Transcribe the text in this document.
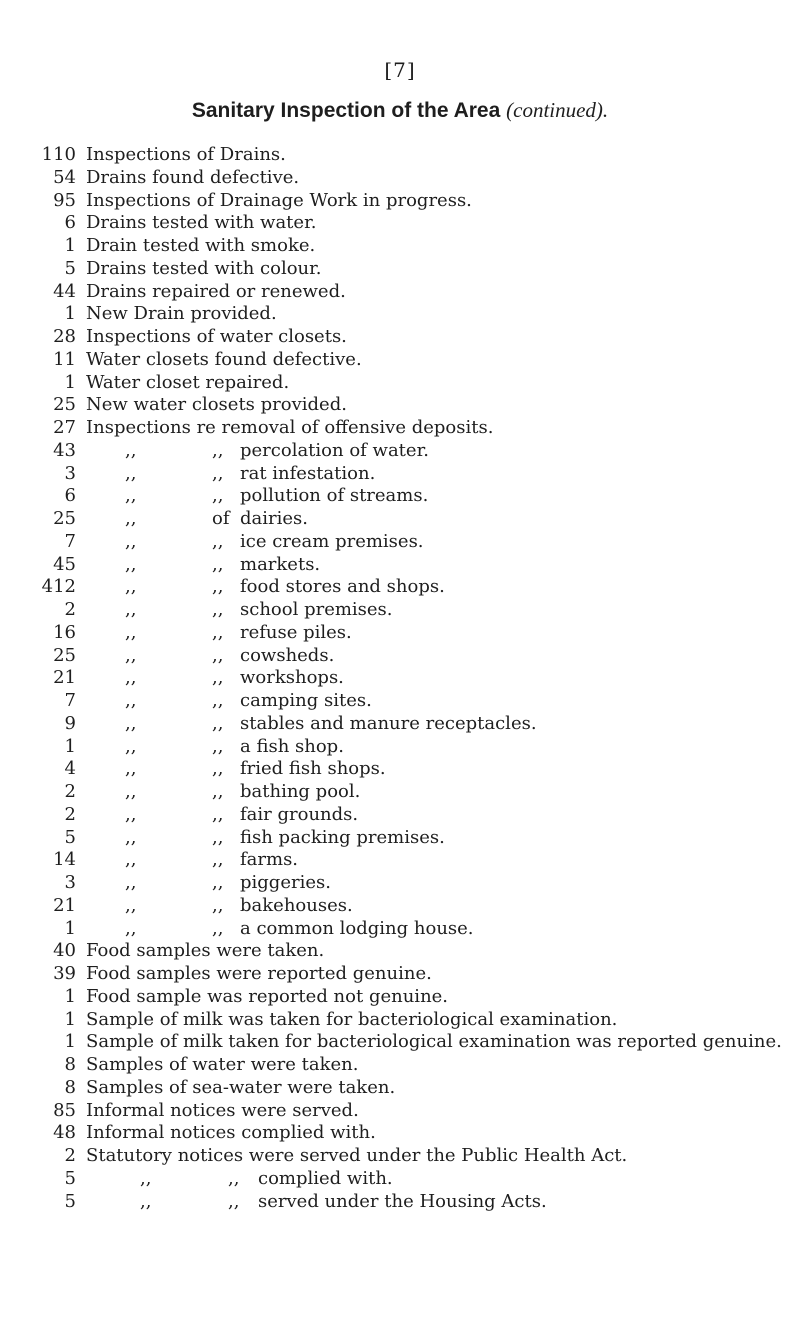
[7]
Sanitary Inspection of the Area (continued).
110 Inspections of Drains.
54 Drains found defective.
95 Inspections of Drainage Work in progress.
6 Drains tested with water.
1 Drain tested with smoke.
5 Drains tested with colour.
44 Drains repaired or renewed.
1 New Drain provided.
28 Inspections of water closets.
11 Water closets found defective.
1 Water closet repaired.
25 New water closets provided.
27 Inspections re removal of offensive deposits.
43	,,	,, percolation of water.
3	,,	,, rat infestation.
6	,,	,, pollution of streams.
25	,,	of dairies.
7	,,	,, ice cream premises.
45	,,	,, markets.
412	,,	,, food stores and shops.
2	,,	,, school premises.
16	,,	,, refuse piles.
25	,,	,, cowsheds.
21	,,	,, workshops.
7	,,	,, camping sites.
9	,,	,, stables and manure receptacles.
1	,,	,, a fish shop.
4	,,	,, fried fish shops.
2	,,	,, bathing pool.
2	,,	,, fair grounds.
5	,,	,, fish packing premises.
14	,,	,, farms.
3	,,	,, piggeries.
21	,,	,, bakehouses.
1	,,	,, a common lodging house.
40 Food samples were taken.
39 Food samples were reported genuine.
1 Food sample was reported not genuine.
1 Sample of milk was taken for bacteriological examination.
1 Sample of milk taken for bacteriological examination was reported genuine.
8 Samples of water were taken.
8 Samples of sea-water were taken.
85 Informal notices were served.
48 Informal notices complied with.
2 Statutory notices were served under the Public Health Act.
5	,,	,, complied with.
5	,,	,, served under the Housing Acts.
